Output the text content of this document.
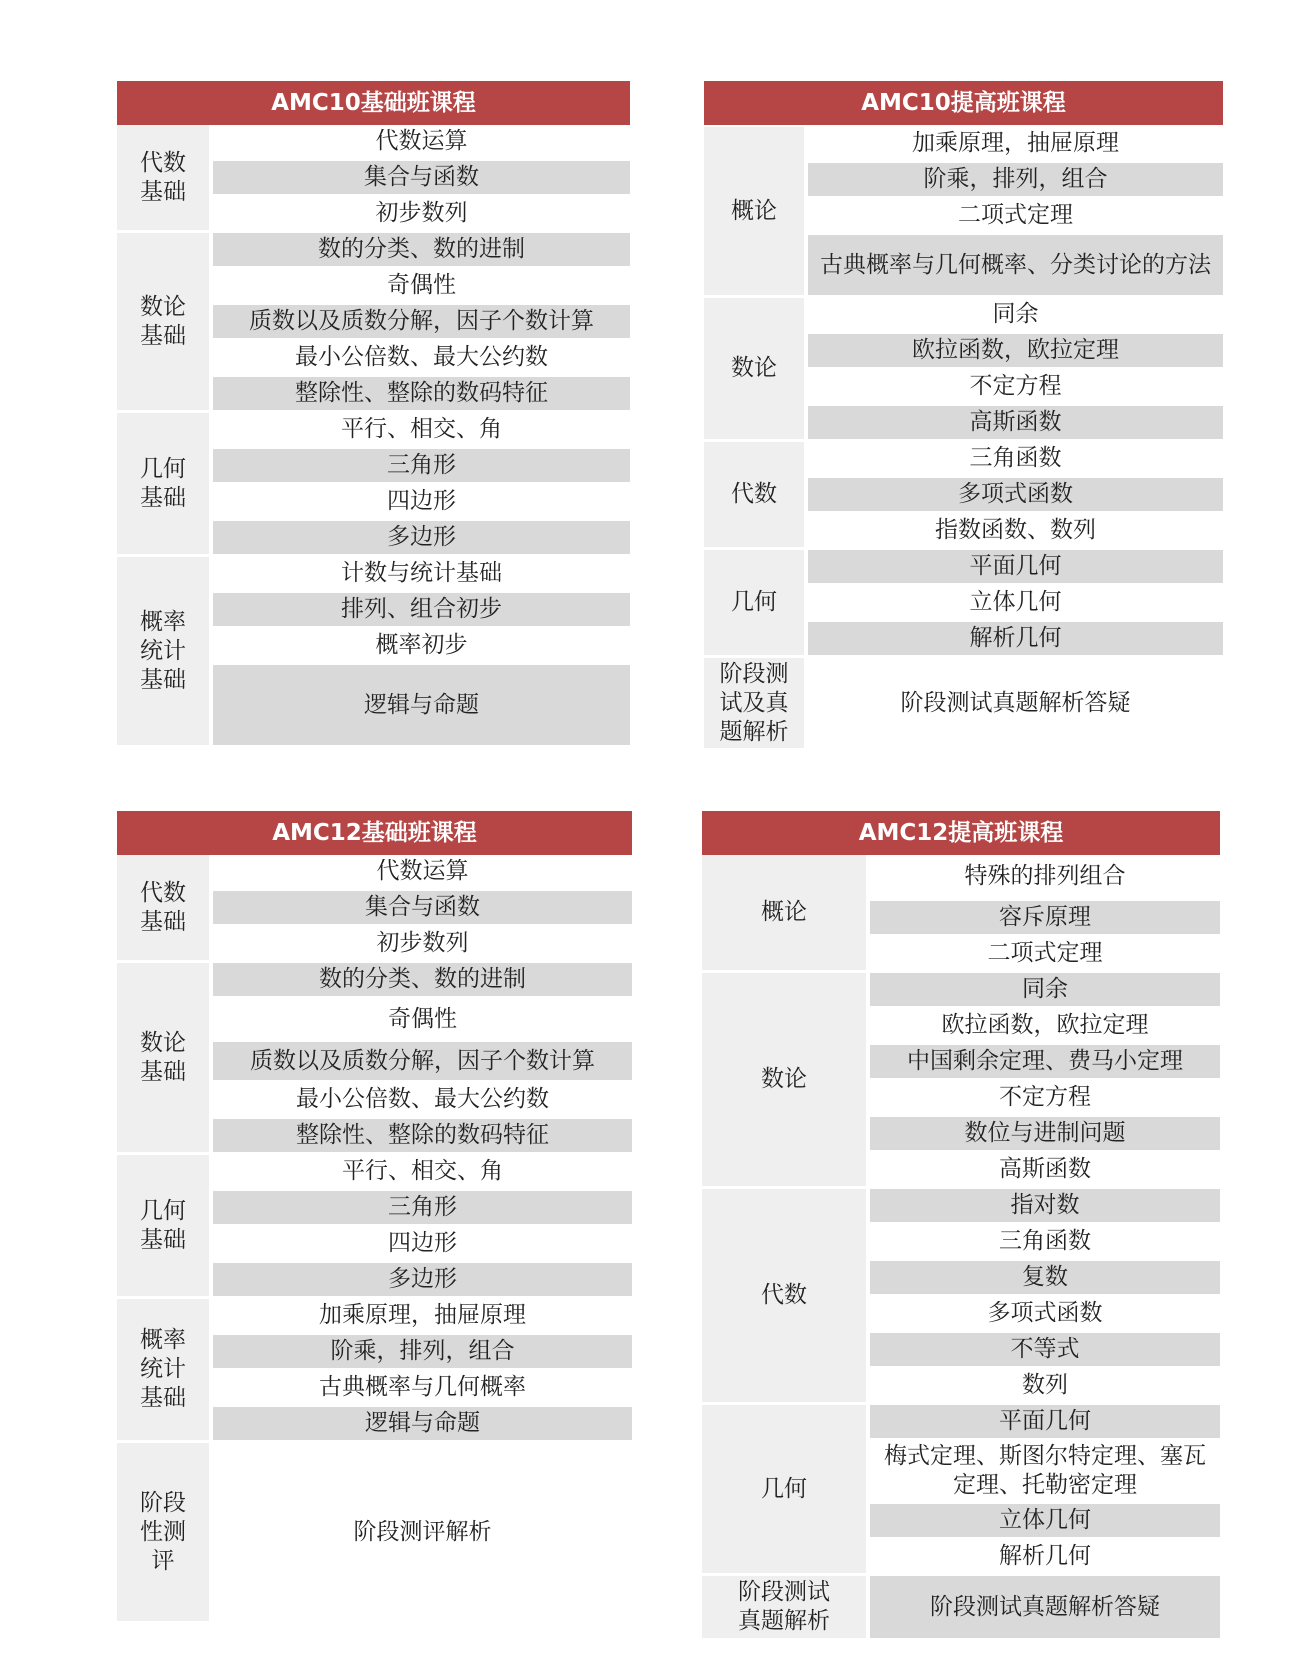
AMC10基础班课程
代数
基础
代数运算
集合与函数
初步数列
数论
基础
数的分类、数的进制
奇偶性
质数以及质数分解，因子个数计算
最小公倍数、最大公约数
整除性、整除的数码特征
几何
基础
平行、相交、角
三角形
四边形
多边形
概率
统计
基础
计数与统计基础
排列、组合初步
概率初步
逻辑与命题
AMC10提高班课程
概论
加乘原理，抽屉原理
阶乘，排列，组合
二项式定理
古典概率与几何概率、分类讨论的方法
数论
同余
欧拉函数，欧拉定理
不定方程
高斯函数
代数
三角函数
多项式函数
指数函数、数列
几何
平面几何
立体几何
解析几何
阶段测
试及真
题解析
阶段测试真题解析答疑
AMC12基础班课程
代数
基础
代数运算
集合与函数
初步数列
数论
基础
数的分类、数的进制
奇偶性
质数以及质数分解，因子个数计算
最小公倍数、最大公约数
整除性、整除的数码特征
几何
基础
平行、相交、角
三角形
四边形
多边形
概率
统计
基础
加乘原理，抽屉原理
阶乘，排列，组合
古典概率与几何概率
逻辑与命题
阶段
性测
评
阶段测评解析
AMC12提高班课程
概论
特殊的排列组合
容斥原理
二项式定理
数论
同余
欧拉函数，欧拉定理
中国剩余定理、费马小定理
不定方程
数位与进制问题
高斯函数
代数
指对数
三角函数
复数
多项式函数
不等式
数列
几何
平面几何
梅式定理、斯图尔特定理、塞瓦定理、托勒密定理
立体几何
解析几何
阶段测试
真题解析
阶段测试真题解析答疑
